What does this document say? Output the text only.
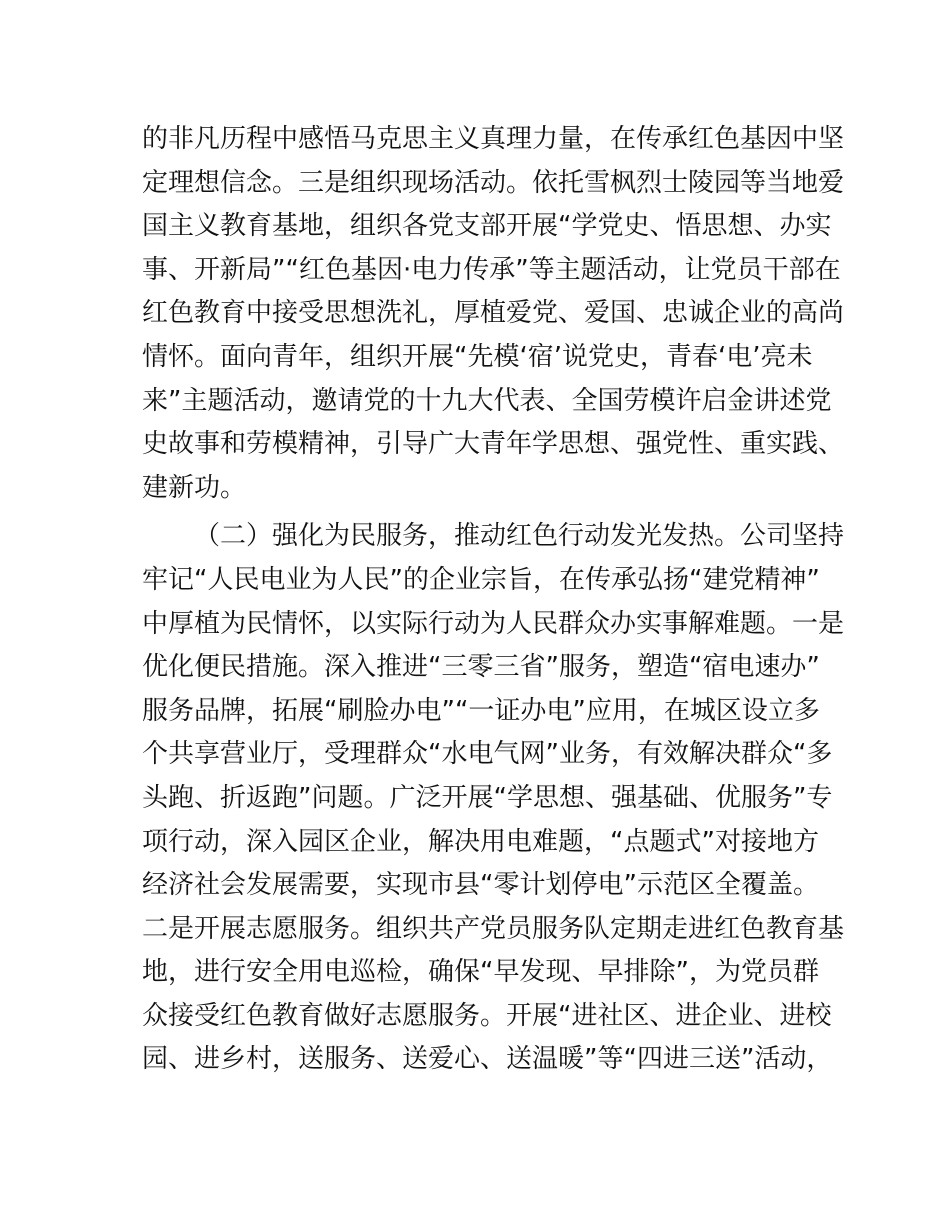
的非凡历程中感悟马克思主义真理力量，在传承红色基因中坚
定理想信念。三是组织现场活动。依托雪枫烈士陵园等当地爱
国主义教育基地，组织各党支部开展“学党史、悟思想、办实
事、开新局”“红色基因·电力传承”等主题活动，让党员干部在
红色教育中接受思想洗礼，厚植爱党、爱国、忠诚企业的高尚
情怀。面向青年，组织开展“先模‘宿’说党史，青春‘电’亮未
来”主题活动，邀请党的十九大代表、全国劳模许启金讲述党
史故事和劳模精神，引导广大青年学思想、强党性、重实践、
建新功。
（二）强化为民服务，推动红色行动发光发热。公司坚持
牢记“人民电业为人民”的企业宗旨，在传承弘扬“建党精神”
中厚植为民情怀，以实际行动为人民群众办实事解难题。一是
优化便民措施。深入推进“三零三省”服务，塑造“宿电速办”
服务品牌，拓展“刷脸办电”“一证办电”应用，在城区设立多
个共享营业厅，受理群众“水电气网”业务，有效解决群众“多
头跑、折返跑”问题。广泛开展“学思想、强基础、优服务”专
项行动，深入园区企业，解决用电难题，“点题式”对接地方
经济社会发展需要，实现市县“零计划停电”示范区全覆盖。
二是开展志愿服务。组织共产党员服务队定期走进红色教育基
地，进行安全用电巡检，确保“早发现、早排除”，为党员群
众接受红色教育做好志愿服务。开展“进社区、进企业、进校
园、进乡村，送服务、送爱心、送温暖”等“四进三送”活动，
